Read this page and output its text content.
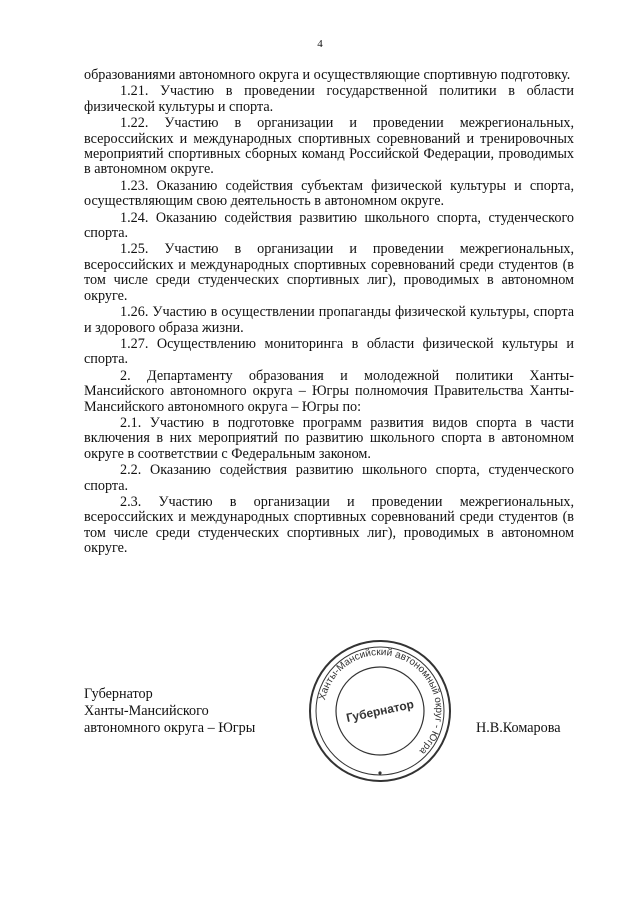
4

образованиями автономного округа и осуществляющие спортивную подготовку.

1.21. Участию в проведении государственной политики в области физической культуры и спорта.

1.22. Участию в организации и проведении межрегиональных, всероссийских и международных спортивных соревнований и тренировочных мероприятий спортивных сборных команд Российской Федерации, проводимых в автономном округе.

1.23. Оказанию содействия субъектам физической культуры и спорта, осуществляющим свою деятельность в автономном округе.

1.24. Оказанию содействия развитию школьного спорта, студенческого спорта.

1.25. Участию в организации и проведении межрегиональных, всероссийских и международных спортивных соревнований среди студентов (в том числе среди студенческих спортивных лиг), проводимых в автономном округе.

1.26. Участию в осуществлении пропаганды физической культуры, спорта и здорового образа жизни.

1.27. Осуществлению мониторинга в области физической культуры и спорта.

2. Департаменту образования и молодежной политики Ханты-Мансийского автономного округа – Югры полномочия Правительства Ханты-Мансийского автономного округа – Югры по:

2.1. Участию в подготовке программ развития видов спорта в части включения в них мероприятий по развитию школьного спорта в автономном округе в соответствии с Федеральным законом.

2.2. Оказанию содействия развитию школьного спорта, студенческого спорта.

2.3. Участию в организации и проведении межрегиональных, всероссийских и международных спортивных соревнований среди студентов (в том числе среди студенческих спортивных лиг), проводимых в автономном округе.

Губернатор
Ханты-Мансийского
автономного округа – Югры	Н.В.Комарова
Ханты-Мансийский автономный округ - Югра
Губернатор
